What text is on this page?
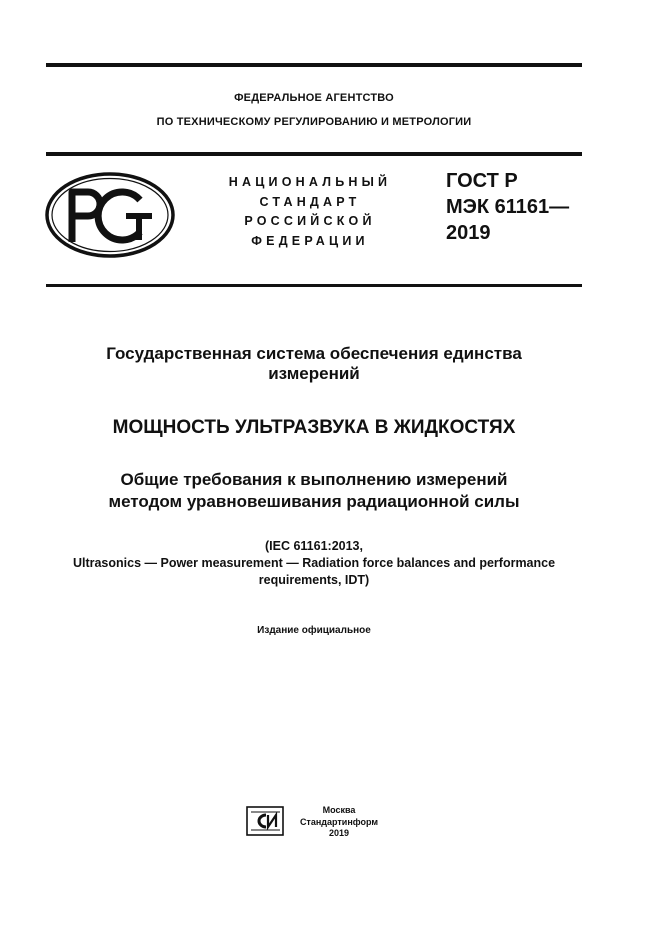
ФЕДЕРАЛЬНОЕ АГЕНТСТВО
ПО ТЕХНИЧЕСКОМУ РЕГУЛИРОВАНИЮ И МЕТРОЛОГИИ
НАЦИОНАЛЬНЫЙ
СТАНДАРТ
РОССИЙСКОЙ
ФЕДЕРАЦИИ
ГОСТ Р
МЭК 61161—
2019
Государственная система обеспечения единства
измерений
МОЩНОСТЬ УЛЬТРАЗВУКА В ЖИДКОСТЯХ
Общие требования к выполнению измерений
методом уравновешивания радиационной силы
(IEC 61161:2013,
Ultrasonics — Power measurement — Radiation force balances and performance
requirements, IDT)
Издание официальное
Москва
Стандартинформ
2019
